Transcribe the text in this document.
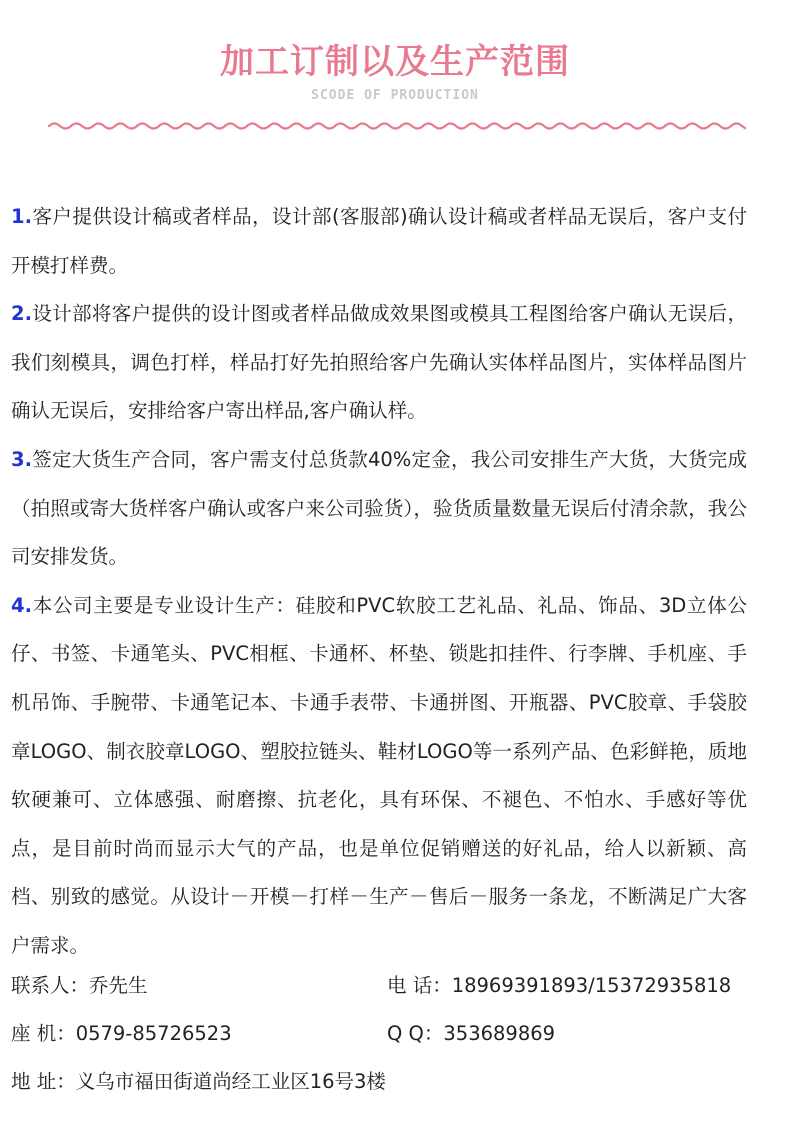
加工订制以及生产范围
SCODE OF PRODUCTION

1.客户提供设计稿或者样品，设计部(客服部)确认设计稿或者样品无误后，客户支付开模打样费。

2.设计部将客户提供的设计图或者样品做成效果图或模具工程图给客户确认无误后，我们刻模具，调色打样，样品打好先拍照给客户先确认实体样品图片，实体样品图片确认无误后，安排给客户寄出样品,客户确认样。

3.签定大货生产合同，客户需支付总货款40%定金，我公司安排生产大货，大货完成（拍照或寄大货样客户确认或客户来公司验货），验货质量数量无误后付清余款，我公司安排发货。

4.本公司主要是专业设计生产：硅胶和PVC软胶工艺礼品、礼品、饰品、3D立体公仔、书签、卡通笔头、PVC相框、卡通杯、杯垫、锁匙扣挂件、行李牌、手机座、手机吊饰、手腕带、卡通笔记本、卡通手表带、卡通拼图、开瓶器、PVC胶章、手袋胶章LOGO、制衣胶章LOGO、塑胶拉链头、鞋材LOGO等一系列产品、色彩鲜艳，质地软硬兼可、立体感强、耐磨擦、抗老化，具有环保、不褪色、不怕水、手感好等优点，是目前时尚而显示大气的产品，也是单位促销赠送的好礼品，给人以新颖、高档、别致的感觉。从设计－开模－打样－生产－售后－服务一条龙，不断满足广大客户需求。

联系人：乔先生	电 话：18969391893/15372935818
座 机：0579-85726523	Q Q：353689869
地 址：义乌市福田街道尚经工业区16号3楼
